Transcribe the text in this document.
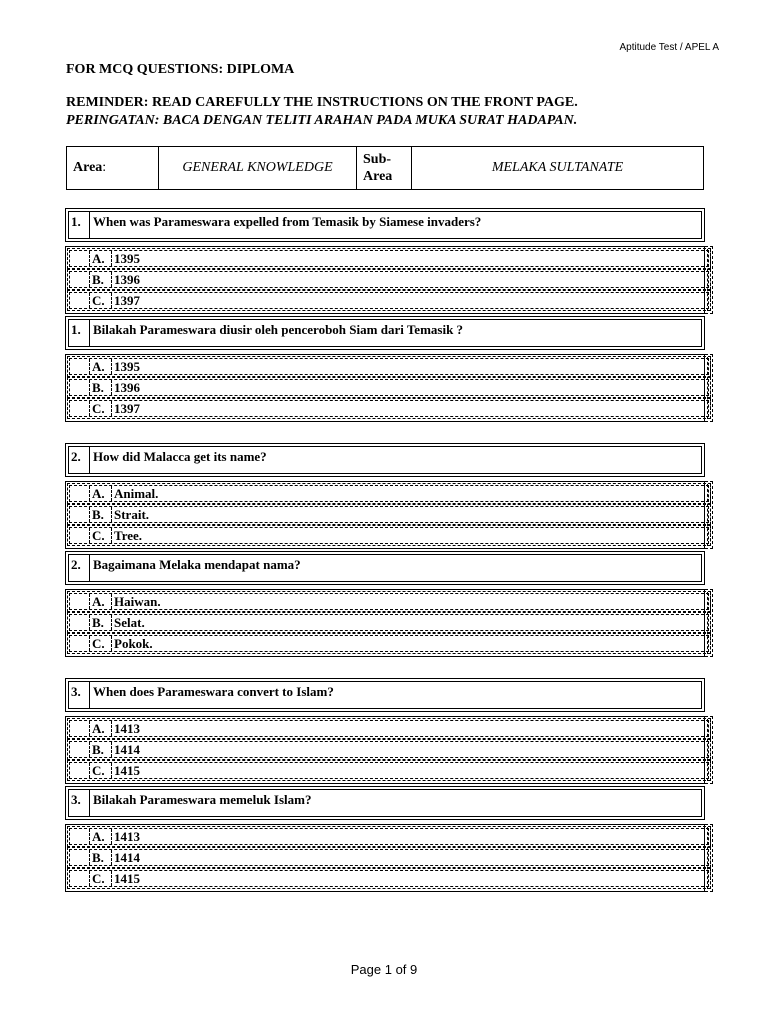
Aptitude Test / APEL A
FOR MCQ QUESTIONS: DIPLOMA
REMINDER: READ CAREFULLY THE INSTRUCTIONS ON THE FRONT PAGE.
PERINGATAN: BACA DENGAN TELITI ARAHAN PADA MUKA SURAT HADAPAN.
Area :	GENERAL KNOWLEDGE
Sub-
Area
MELAKA SULTANATE
1. When was Parameswara expelled from Temasik by Siamese invaders?
A. 1395
B. 1396
C. 1397
1. Bilakah Parameswara diusir oleh penceroboh Siam dari Temasik ?
A. 1395
B. 1396
C. 1397
2. How did Malacca get its name?
A. Animal.
B. Strait.
C. Tree.
2. Bagaimana Melaka mendapat nama?
A. Haiwan.
B. Selat.
C. Pokok.
3. When does Parameswara convert to Islam?
A. 1413
B. 1414
C. 1415
3. Bilakah Parameswara memeluk Islam?
A. 1413
B. 1414
C. 1415
Page 1 of 9
